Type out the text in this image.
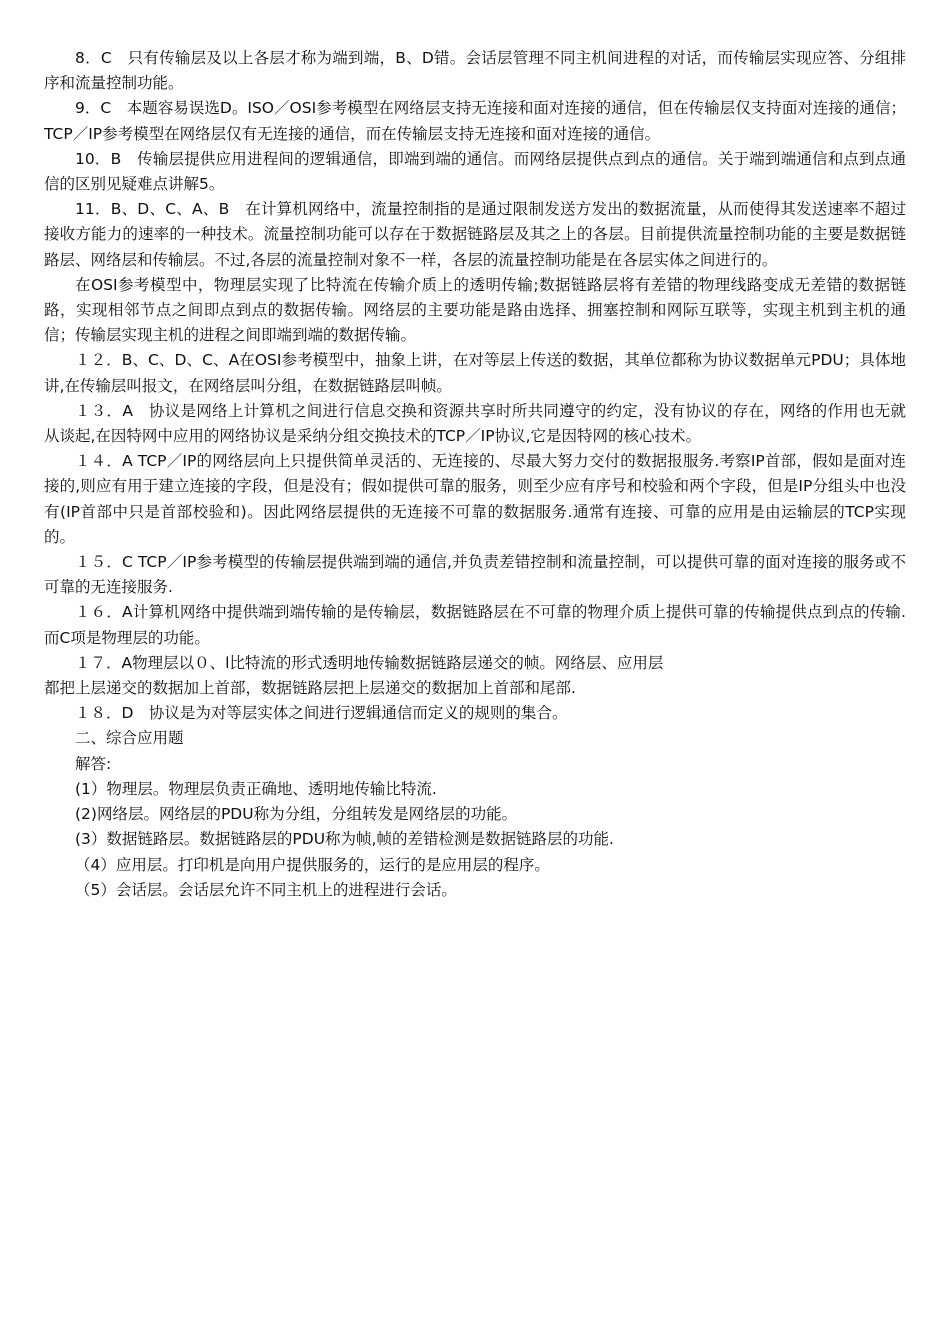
8．C　只有传输层及以上各层才称为端到端，B、D错。会话层管理不同主机间进程的对话，而传输层实现应答、分组排序和流量控制功能。

9．C　本题容易误选D。ISO／OSI参考模型在网络层支持无连接和面对连接的通信，但在传输层仅支持面对连接的通信；TCP／IP参考模型在网络层仅有无连接的通信，而在传输层支持无连接和面对连接的通信。

10．B　传输层提供应用进程间的逻辑通信，即端到端的通信。而网络层提供点到点的通信。关于端到端通信和点到点通信的区别见疑难点讲解5。

11．B、D、C、A、B　在计算机网络中，流量控制指的是通过限制发送方发出的数据流量，从而使得其发送速率不超过接收方能力的速率的一种技术。流量控制功能可以存在于数据链路层及其之上的各层。目前提供流量控制功能的主要是数据链路层、网络层和传输层。不过,各层的流量控制对象不一样，各层的流量控制功能是在各层实体之间进行的。

在OSI参考模型中，物理层实现了比特流在传输介质上的透明传输;数据链路层将有差错的物理线路变成无差错的数据链路，实现相邻节点之间即点到点的数据传输。网络层的主要功能是路由选择、拥塞控制和网际互联等，实现主机到主机的通信；传输层实现主机的进程之间即端到端的数据传输。

１２．B、C、D、C、A在OSI参考模型中，抽象上讲，在对等层上传送的数据，其单位都称为协议数据单元PDU；具体地讲,在传输层叫报文，在网络层叫分组，在数据链路层叫帧。

１３．A　协议是网络上计算机之间进行信息交换和资源共享时所共同遵守的约定，没有协议的存在，网络的作用也无就从谈起,在因特网中应用的网络协议是采纳分组交换技术的TCP／IP协议,它是因特网的核心技术。

１４．A TCP／IP的网络层向上只提供简单灵活的、无连接的、尽最大努力交付的数据报服务.考察IP首部，假如是面对连接的,则应有用于建立连接的字段，但是没有；假如提供可靠的服务，则至少应有序号和校验和两个字段，但是IP分组头中也没有(IP首部中只是首部校验和)。因此网络层提供的无连接不可靠的数据服务.通常有连接、可靠的应用是由运输层的TCP实现的。

１５．C TCP／IP参考模型的传输层提供端到端的通信,并负责差错控制和流量控制，可以提供可靠的面对连接的服务或不可靠的无连接服务.

１６．A计算机网络中提供端到端传输的是传输层，数据链路层在不可靠的物理介质上提供可靠的传输提供点到点的传输.而C项是物理层的功能。

１７．A物理层以０、l比特流的形式透明地传输数据链路层递交的帧。网络层、应用层

都把上层递交的数据加上首部，数据链路层把上层递交的数据加上首部和尾部.

１８．D　协议是为对等层实体之间进行逻辑通信而定义的规则的集合。

二、综合应用题

解答:

(1）物理层。物理层负责正确地、透明地传输比特流.

(2)网络层。网络层的PDU称为分组，分组转发是网络层的功能。

(3）数据链路层。数据链路层的PDU称为帧,帧的差错检测是数据链路层的功能.

（4）应用层。打印机是向用户提供服务的，运行的是应用层的程序。

（5）会话层。会话层允许不同主机上的进程进行会话。
